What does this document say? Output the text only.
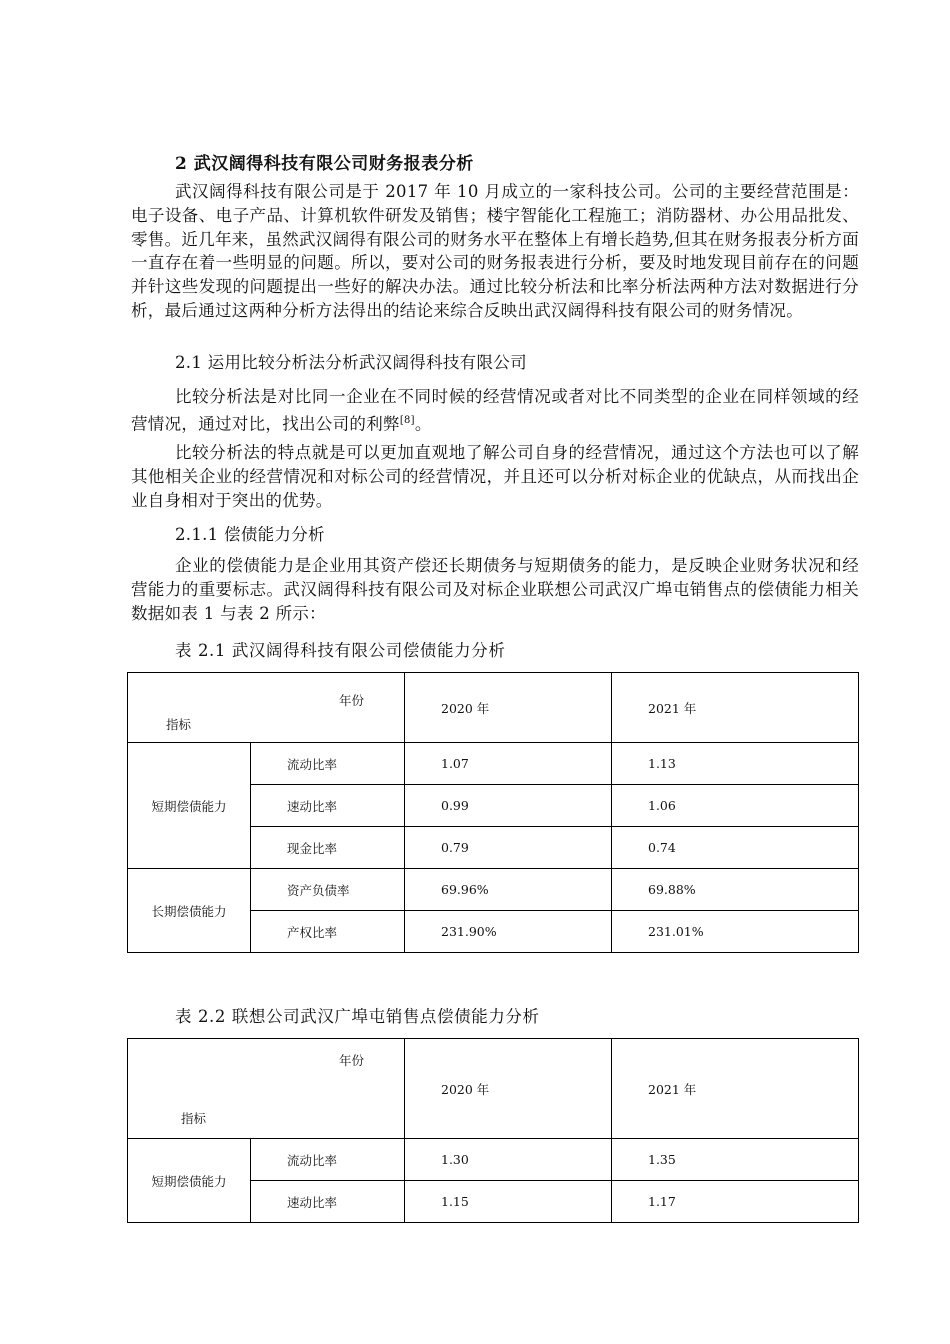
2 武汉阔得科技有限公司财务报表分析

武汉阔得科技有限公司是于 2017 年 10 月成立的一家科技公司。公司的主要经营范围是：电子设备、电子产品、计算机软件研发及销售；楼宇智能化工程施工；消防器材、办公用品批发、零售。近几年来，虽然武汉阔得有限公司的财务水平在整体上有增长趋势,但其在财务报表分析方面一直存在着一些明显的问题。所以，要对公司的财务报表进行分析，要及时地发现目前存在的问题并针这些发现的问题提出一些好的解决办法。通过比较分析法和比率分析法两种方法对数据进行分析，最后通过这两种分析方法得出的结论来综合反映出武汉阔得科技有限公司的财务情况。

2.1 运用比较分析法分析武汉阔得科技有限公司

比较分析法是对比同一企业在不同时候的经营情况或者对比不同类型的企业在同样领域的经营情况，通过对比，找出公司的利弊[8]。

比较分析法的特点就是可以更加直观地了解公司自身的经营情况，通过这个方法也可以了解其他相关企业的经营情况和对标公司的经营情况，并且还可以分析对标企业的优缺点，从而找出企业自身相对于突出的优势。

2.1.1 偿债能力分析

企业的偿债能力是企业用其资产偿还长期债务与短期债务的能力，是反映企业财务状况和经营能力的重要标志。武汉阔得科技有限公司及对标企业联想公司武汉广埠屯销售点的偿债能力相关数据如表 1 与表 2 所示：

表 2.1 武汉阔得科技有限公司偿债能力分析
年份
指标		2020 年	2021 年
短期偿债能力	流动比率	1.07	1.13
	速动比率	0.99	1.06
	现金比率	0.79	0.74
长期偿债能力	资产负债率	69.96%	69.88%
	产权比率	231.90%	231.01%
表 2.2 联想公司武汉广埠屯销售点偿债能力分析
年份
指标		2020 年	2021 年
短期偿债能力	流动比率	1.30	1.35
	速动比率	1.15	1.17
